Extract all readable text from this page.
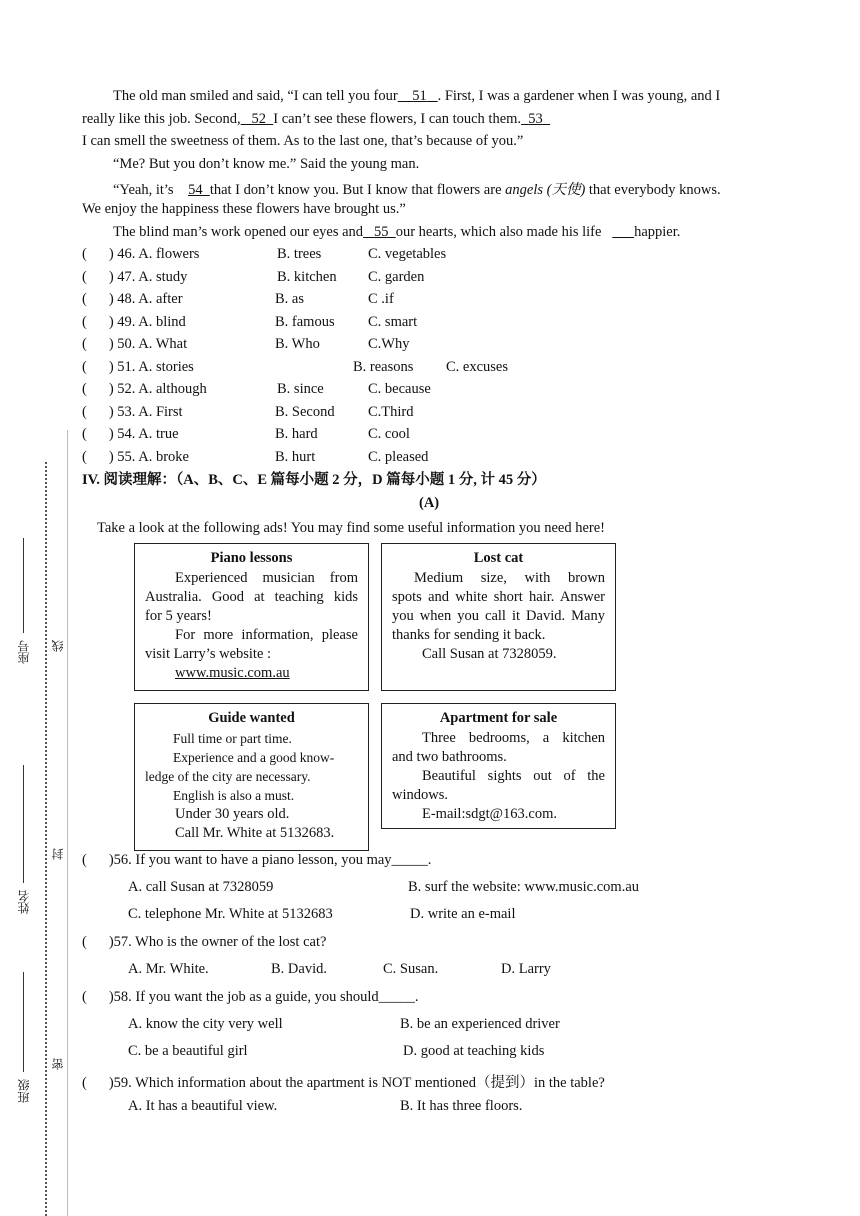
座号 线
姓名
封
班级
密
The old man smiled and said, “I can tell you four 51 . First, I was a gardener when I was young, and I
really like this job. Second, 52 I can’t see these flowers, I can touch them. 53
I can smell the sweetness of them. As to the last one, that’s because of you.”
“Me? But you don’t know me.” Said the young man.
“Yeah, it’s 54 that I don’t know you. But I know that flowers are angels (天使) that everybody knows.
We enjoy the happiness these flowers have brought us.”
The blind man’s work opened our eyes and 55 our hearts, which also made his life happier.
( ) 46. A. flowers	B. trees	C. vegetables
( ) 47. A. study	B. kitchen C. garden
( ) 48. A. after	B. as	C .if
( ) 49. A. blind	B. famous C. smart
( ) 50. A. What	B. Who	C.Why
( ) 51. A. stories	B. reasons C. excuses
( ) 52. A. although	B. since	C. because
( ) 53. A. First	B. Second C.Third
( ) 54. A. true	B. hard	C. cool
( ) 55. A. broke	B. hurt	C. pleased
IV. 阅读理解：（A、B、C、E 篇每小题 2 分，D 篇每小题 1 分, 计 45 分）
(A)
Take a look at the following ads! You may find some useful information you need here!
Piano lessons
Experienced musician from
Australia. Good at teaching kids
for 5 years!
For more information, please
visit Larry’s website :
www.music.com.au
Lost cat
Medium size, with brown
spots and white short hair. Answer
you when you call it David. Many
thanks for sending it back.
Call Susan at 7328059.
Guide wanted
Full time or part time.
Experience and a good know-
ledge of the city are necessary.
English is also a must.
Under 30 years old.
Call Mr. White at 5132683.
Apartment for sale
Three bedrooms, a kitchen
and two bathrooms.
Beautiful sights out of the
windows.
E-mail:sdgt@163.com.
( )56. If you want to have a piano lesson, you may_____.
A. call Susan at 7328059	B. surf the website: www.music.com.au
C. telephone Mr. White at 5132683	D. write an e-mail
( )57. Who is the owner of the lost cat?
A. Mr. White.	B. David.	C. Susan.	D. Larry
( )58. If you want the job as a guide, you should_____.
A. know the city very well	B. be an experienced driver
C. be a beautiful girl	D. good at teaching kids
( )59. Which information about the apartment is NOT mentioned（提到）in the table?
A. It has a beautiful view.	B. It has three floors.
